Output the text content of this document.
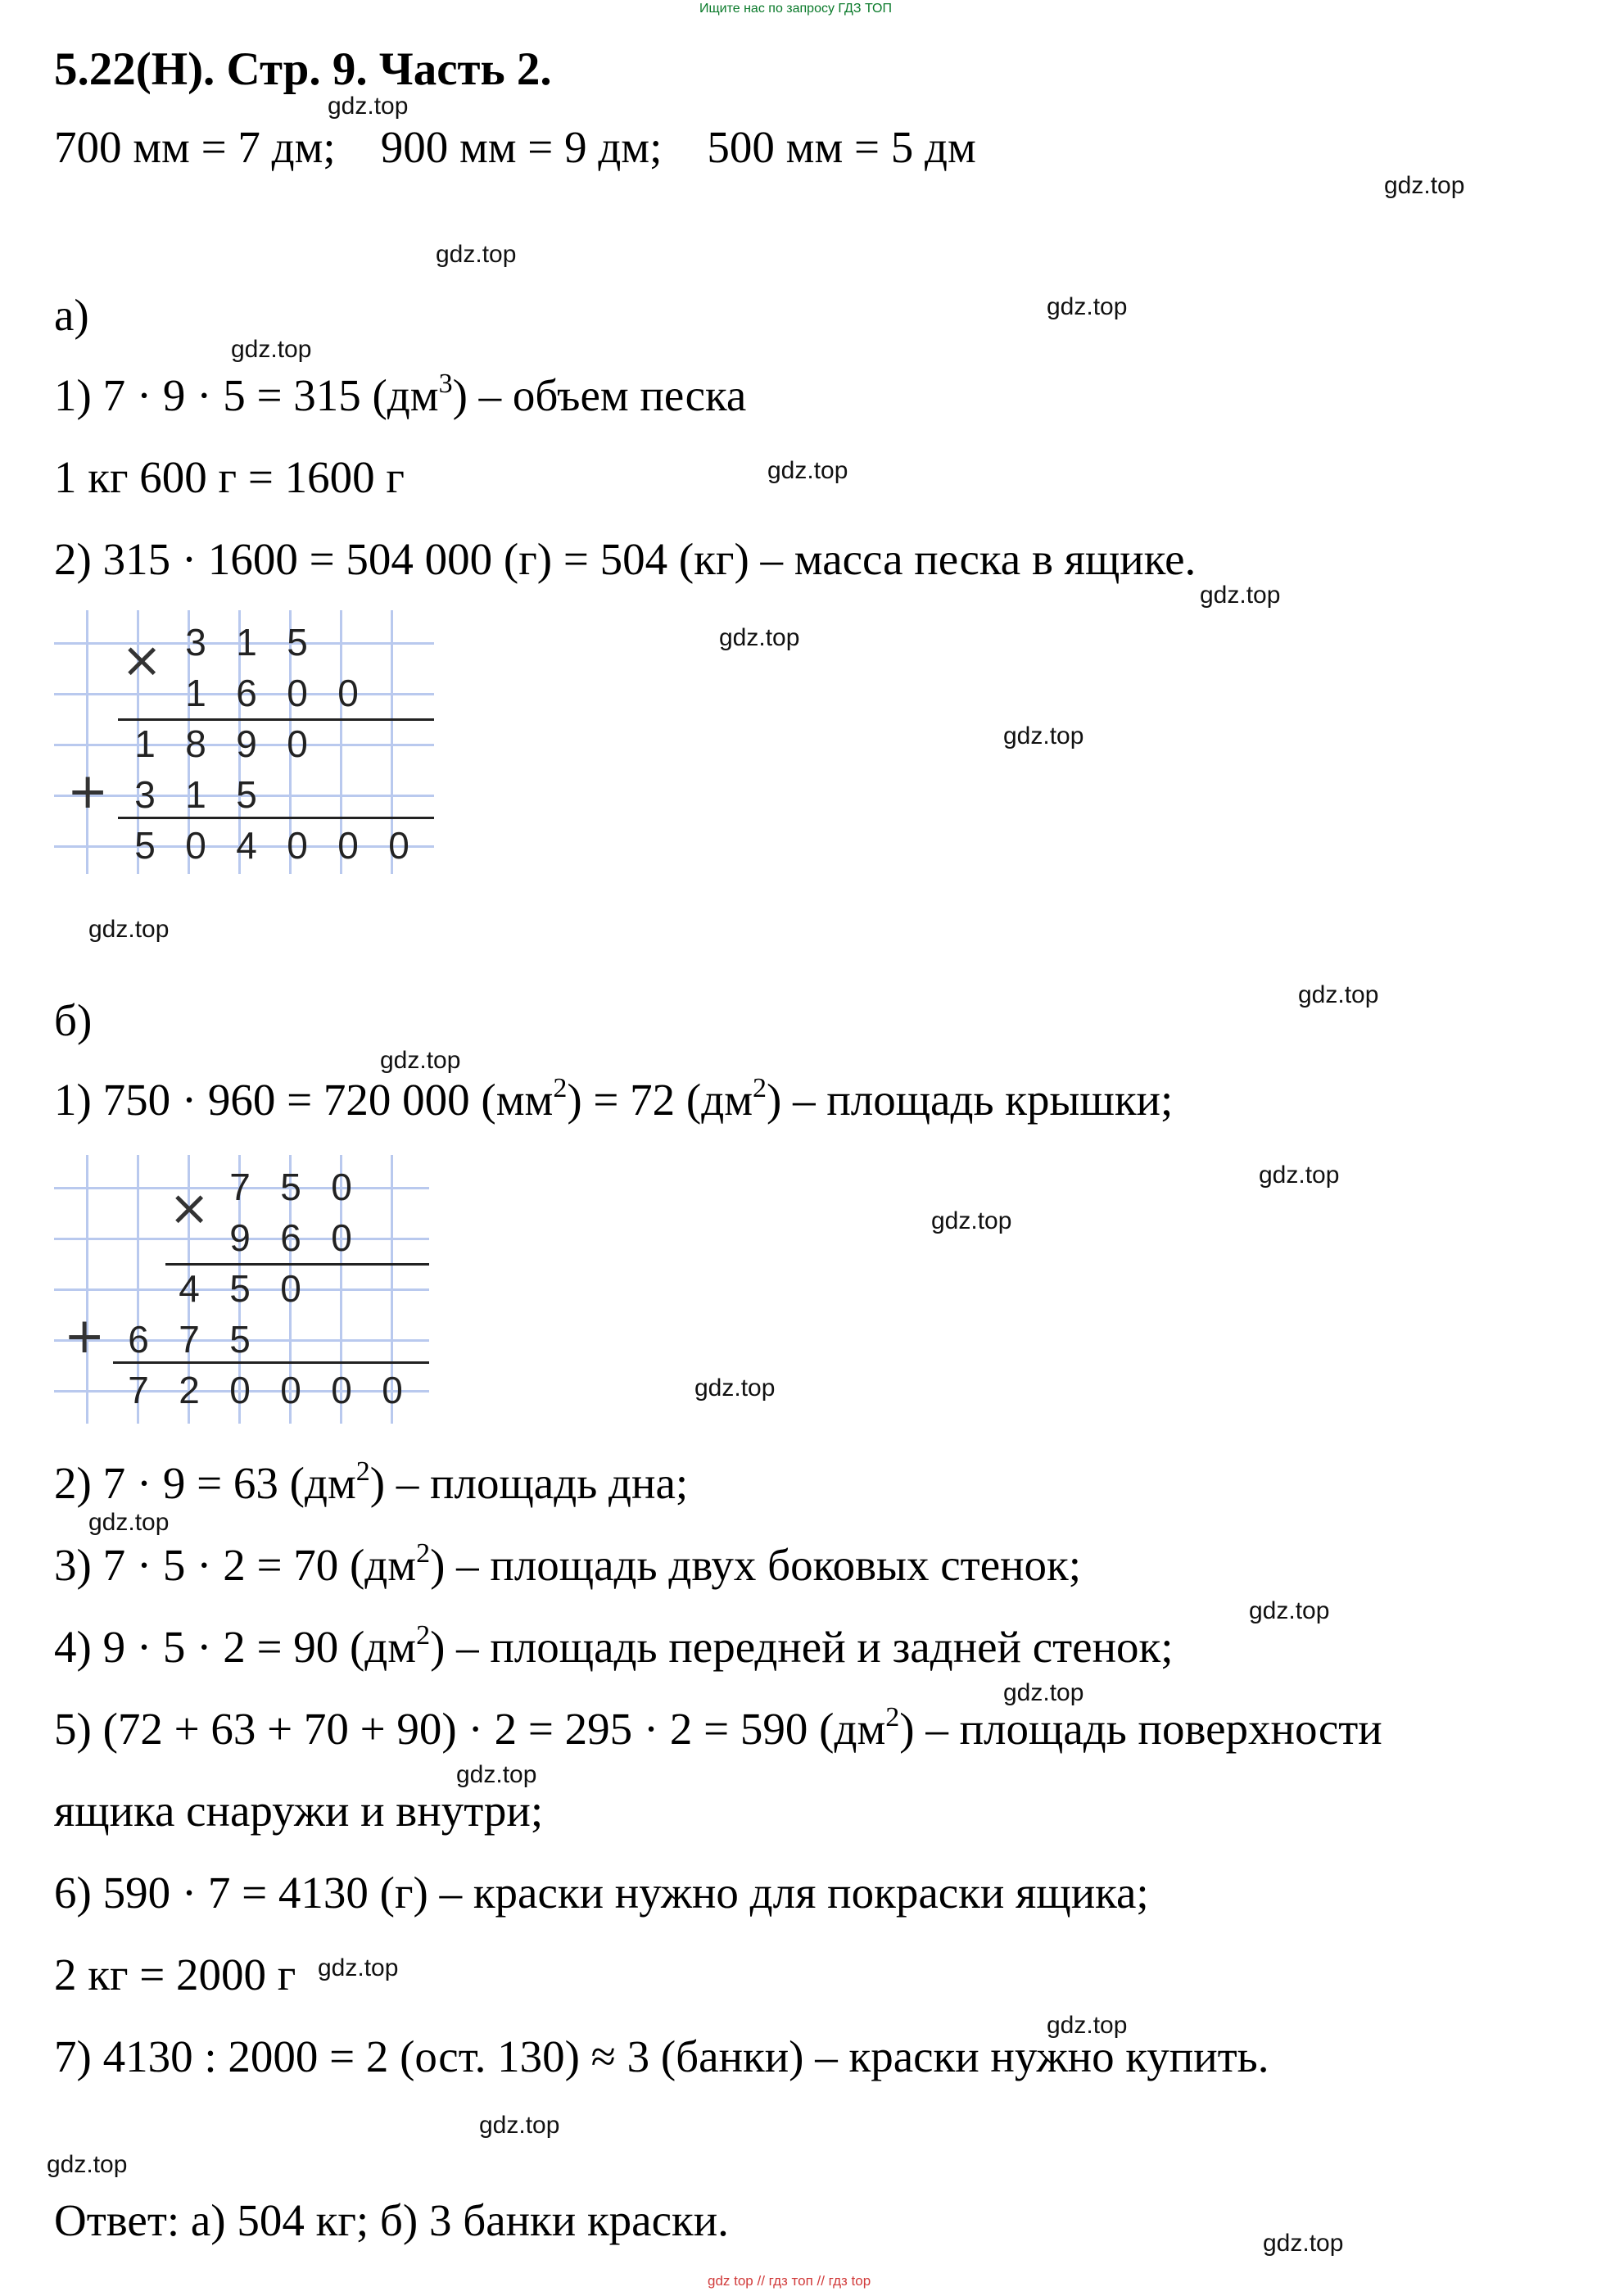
Ищите нас по запросу ГДЗ ТОП
gdz top // гдз топ // гдз top
5.22(Н). Стр. 9. Часть 2.
700 мм = 7 дм;    900 мм = 9 дм;    500 мм = 5 дм
а)
1) 7 · 9 · 5 = 315 $(дм^3)$ – объем песка
1 кг 600 г = 1600 г
2) 315 · 1600 = 504 000 (г) = 504 (кг) – масса песка в ящике.
×
+
3 1 5
1 6 0 0
1 8 9 0
3 1 5
5 0 4 0 0 0
б)
1) 750 · 960 = 720 000 $(мм^2) = 72$ $(дм^2)$ – площадь крышки;
×
+
7 5 0
9 6 0
4 5 0
6 7 5
7 2 0 0 0 0
2) 7 · 9 = 63 $(дм^2)$ – площадь дна;
3) 7 · 5 · 2 = 70 $(дм^2)$ – площадь двух боковых стенок;
4) 9 · 5 · 2 = 90 $(дм^2)$ – площадь передней и задней стенок;
5) (72 + 63 + 70 + 90) · 2 = 295 · 2 = 590 $(дм^2)$ – площадь поверхности
ящика снаружи и внутри;
6) 590 · 7 = 4130 (г) – краски нужно для покраски ящика;
2 кг = 2000 г
7) 4130 : 2000 = 2 (ост. 130) ≈ 3 (банки) – краски нужно купить.
Ответ: а) 504 кг; б) 3 банки краски.
gdz.top
gdz.top
gdz.top
gdz.top
gdz.top
gdz.top
gdz.top
gdz.top
gdz.top
gdz.top
gdz.top
gdz.top
gdz.top
gdz.top
gdz.top
gdz.top
gdz.top
gdz.top
gdz.top
gdz.top
gdz.top
gdz.top
gdz.top
gdz.top
